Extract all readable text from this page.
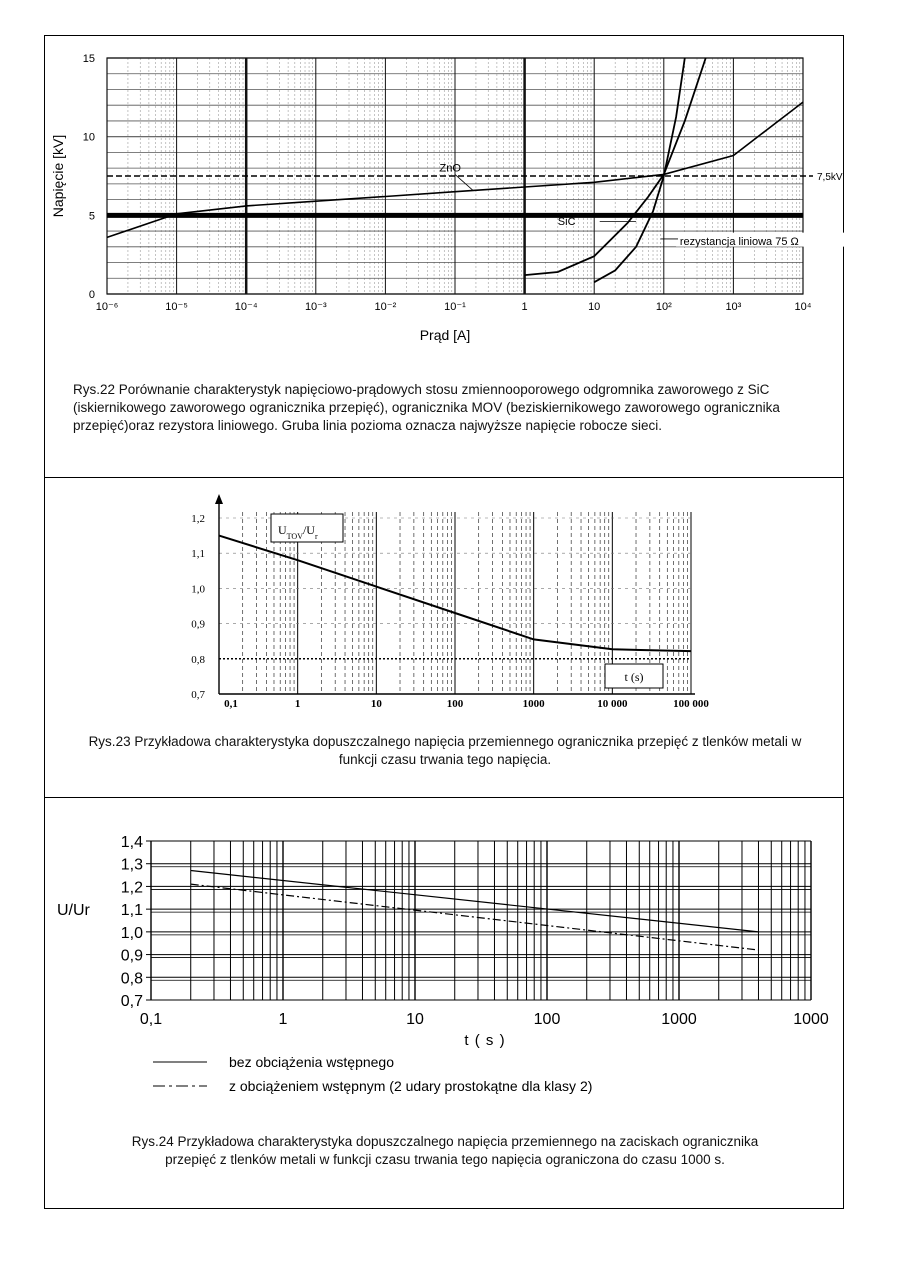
ZnO
SiC
rezystancja liniowa 75 Ω
7,5kV
0
5
10
15
10⁻⁶	10⁻⁵	10⁻⁴	10⁻³	10⁻²	10⁻¹	1	10	10²	10³	10⁴
Prąd [A]
Napięcie [kV]
Rys.22 Porównanie charakterystyk napięciowo-prądowych stosu zmiennooporowego odgromnika zaworowego z SiC (iskiernikowego zaworowego ogranicznika przepięć), ogranicznika MOV (beziskiernikowego zaworowego ogranicznika przepięć)oraz rezystora liniowego. Gruba linia pozioma oznacza najwyższe napięcie robocze sieci.
$U_{TOV}/U_r$
t (s)
0,7
0,8
0,9
1,0
1,1
1,2
0,1	1	10	100	1000	10 000	100 000
Rys.23 Przykładowa charakterystyka dopuszczalnego napięcia przemiennego ogranicznika przepięć z tlenków metali w
funkcji czasu trwania tego napięcia.
0,7
0,8
0,9
1,0
1,1
1,2
1,3
1,4
0,1	1	10	100	1000	1000
t ( s )
U/Ur
bez obciążenia wstępnego
z obciążeniem wstępnym (2 udary prostokątne dla klasy 2)
Rys.24 Przykładowa charakterystyka dopuszczalnego napięcia przemiennego na zaciskach ogranicznika przepięć z tlenków metali w funkcji czasu trwania tego napięcia ograniczona do czasu 1000 s.
